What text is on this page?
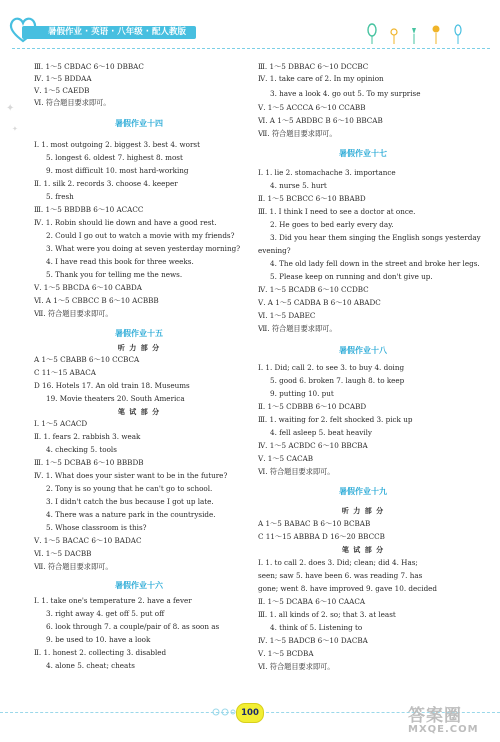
暑假作业 · 英语 · 八年级 · 配人教版
✦
✦
Ⅲ. 1～5 CBDAC 6～10 DBBAC
Ⅳ. 1～5 BDDAA
Ⅴ. 1～5 CAEDB
Ⅵ. 符合题目要求即可。
暑假作业十四
Ⅰ. 1. most outgoing 2. biggest 3. best 4. worst
5. longest 6. oldest 7. highest 8. most
9. most difficult 10. most hard-working
Ⅱ. 1. silk 2. records 3. choose 4. keeper
5. fresh
Ⅲ. 1～5 BBDBB 6～10 ACACC
Ⅳ. 1. Robin should lie down and have a good rest.
2. Could I go out to watch a movie with my friends?
3. What were you doing at seven yesterday morning?
4. I have read this book for three weeks.
5. Thank you for telling me the news.
Ⅴ. 1～5 BBCDA 6～10 CABDA
Ⅵ. A 1～5 CBBCC B 6～10 ACBBB
Ⅶ. 符合题目要求即可。
暑假作业十五
听 力 部 分
A 1～5 CBABB 6～10 CCBCA
C 11～15 ABACA
D 16. Hotels 17. An old train 18. Museums
19. Movie theaters 20. South America
笔 试 部 分
Ⅰ. 1～5 ACACD
Ⅱ. 1. fears 2. rabbish 3. weak
4. checking 5. tools
Ⅲ. 1～5 DCBAB 6～10 BBBDB
Ⅳ. 1. What does your sister want to be in the future?
2. Tony is so young that he can't go to school.
3. I didn't catch the bus because I got up late.
4. There was a nature park in the countryside.
5. Whose classroom is this?
Ⅴ. 1～5 BACAC 6～10 BADAC
Ⅵ. 1～5 DACBB
Ⅶ. 符合题目要求即可。
暑假作业十六
Ⅰ. 1. take one's temperature 2. have a fever
3. right away 4. get off 5. put off
6. look through 7. a couple/pair of 8. as soon as
9. be used to 10. have a look
Ⅱ. 1. honest 2. collecting 3. disabled
4. alone 5. cheat; cheats
Ⅲ. 1～5 DBBAC 6～10 DCCBC
Ⅳ. 1. take care of 2. In my opinion
3. have a look 4. go out 5. To my surprise
Ⅴ. 1～5 ACCCA 6～10 CCABB
Ⅵ. A 1～5 ABDBC B 6～10 BBCAB
Ⅶ. 符合题目要求即可。
暑假作业十七
Ⅰ. 1. lie 2. stomachache 3. importance
4. nurse 5. hurt
Ⅱ. 1～5 BCBCC 6～10 BBABD
Ⅲ. 1. I think I need to see a doctor at once.
2. He goes to bed early every day.
3. Did you hear them singing the English songs yesterday
evening?
4. The old lady fell down in the street and broke her legs.
5. Please keep on running and don't give up.
Ⅳ. 1～5 BCADB 6～10 CCDBC
Ⅴ. A 1～5 CADBA B 6～10 ABADC
Ⅵ. 1～5 DABEC
Ⅶ. 符合题目要求即可。
暑假作业十八
Ⅰ. 1. Did; call 2. to see 3. to buy 4. doing
5. good 6. broken 7. laugh 8. to keep
9. putting 10. put
Ⅱ. 1～5 CDBBB 6～10 DCABD
Ⅲ. 1. waiting for 2. felt shocked 3. pick up
4. fell asleep 5. beat heavily
Ⅳ. 1～5 ACBDC 6～10 BBCBA
Ⅴ. 1～5 CACAB
Ⅵ. 符合题目要求即可。
暑假作业十九
听 力 部 分
A 1～5 BABAC B 6～10 BCBAB
C 11～15 ABBBA D 16～20 BBCCB
笔 试 部 分
Ⅰ. 1. to call 2. does 3. Did; clean; did 4. Has;
seen; saw 5. have been 6. was reading 7. has
gone; went 8. have improved 9. gave 10. decided
Ⅱ. 1～5 DCABA 6～10 CAACA
Ⅲ. 1. all kinds of 2. so; that 3. at least
4. think of 5. Listening to
Ⅳ. 1～5 BADCB 6～10 DACBA
Ⅴ. 1～5 BCDBA
Ⅵ. 符合题目要求即可。
100	答案圈
MXQE.COM
